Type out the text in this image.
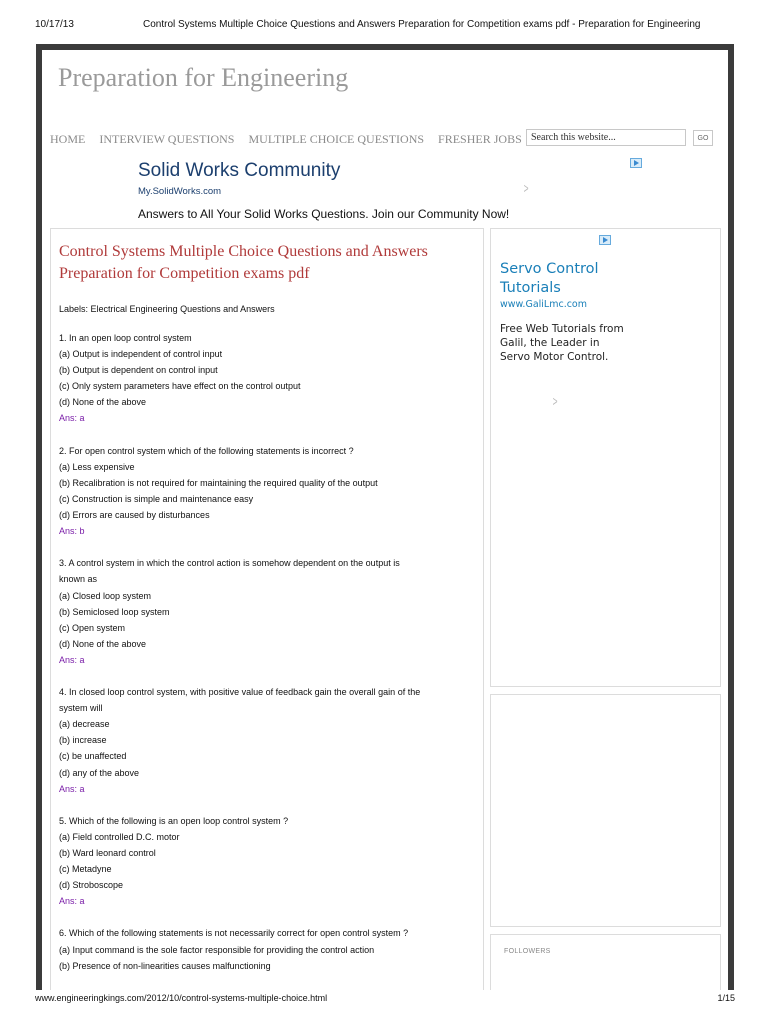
10/17/13	Control Systems Multiple Choice Questions and Answers Preparation for Competition exams pdf - Preparation for Engineering
Preparation for Engineering
HOME INTERVIEW QUESTIONS MULTIPLE CHOICE QUESTIONS FRESHER JOBS Search this website...	GO
Solid Works Community
My.SolidWorks.com
Answers to All Your Solid Works Questions. Join our Community Now!
>
Control Systems Multiple Choice Questions and Answers Preparation for Competition exams pdf
Labels: Electrical Engineering Questions and Answers
1. In an open loop control system
(a) Output is independent of control input
(b) Output is dependent on control input
(c) Only system parameters have effect on the control output
(d) None of the above
Ans: a
2. For open control system which of the following statements is incorrect ?
(a) Less expensive
(b) Recalibration is not required for maintaining the required quality of the output
(c) Construction is simple and maintenance easy
(d) Errors are caused by disturbances
Ans: b
3. A control system in which the control action is somehow dependent on the output is
known as
(a) Closed loop system
(b) Semiclosed loop system
(c) Open system
(d) None of the above
Ans: a
4. In closed loop control system, with positive value of feedback gain the overall gain of the
system will
(a) decrease
(b) increase
(c) be unaffected
(d) any of the above
Ans: a
5. Which of the following is an open loop control system ?
(a) Field controlled D.C. motor
(b) Ward leonard control
(c) Metadyne
(d) Stroboscope
Ans: a
6. Which of the following statements is not necessarily correct for open control system ?
(a) Input command is the sole factor responsible for providing the control action
(b) Presence of non-linearities causes malfunctioning
Servo Control Tutorials
www.GaliLmc.com
Free Web Tutorials from Galil, the Leader in Servo Motor Control.
>
FOLLOWERS
www.engineeringkings.com/2012/10/control-systems-multiple-choice.html	1/15
